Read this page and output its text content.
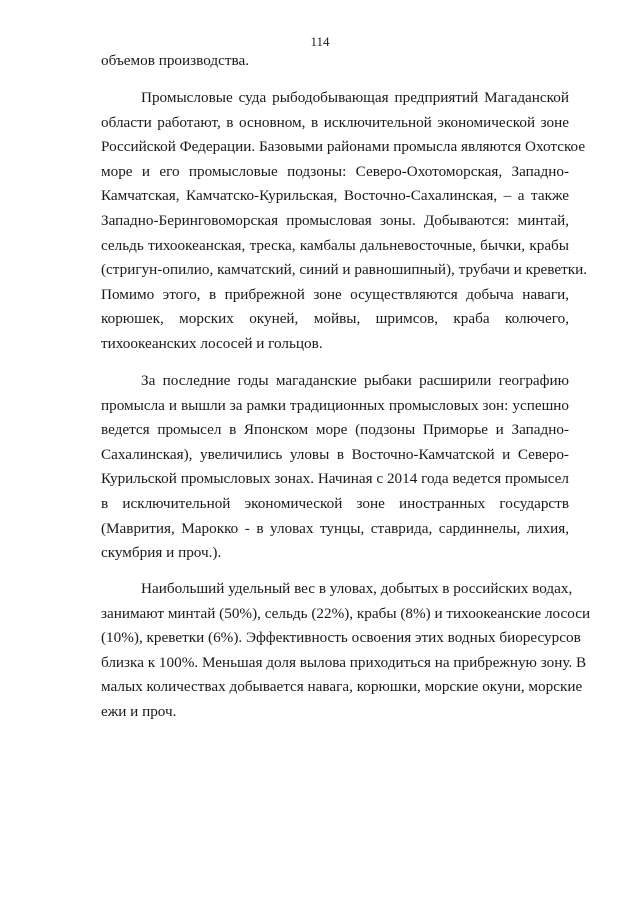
114
объемов производства.
Промысловые суда рыбодобывающая предприятий Магаданской
области работают, в основном, в исключительной экономической зоне
Российской Федерации. Базовыми районами промысла являются Охотское
море и его промысловые подзоны: Северо-Охотоморская, Западно-
Камчатская, Камчатско-Курильская, Восточно-Сахалинская, – а также
Западно-Беринговоморская промысловая зоны. Добываются: минтай,
сельдь тихоокеанская, треска, камбалы дальневосточные, бычки, крабы
(стригун-опилио, камчатский, синий и равношипный), трубачи и креветки.
Помимо этого, в прибрежной зоне осуществляются добыча наваги,
корюшек, морских окуней, мойвы, шримсов, краба колючего,
тихоокеанских лососей и гольцов.
За последние годы магаданские рыбаки расширили географию
промысла и вышли за рамки традиционных промысловых зон: успешно
ведется промысел в Японском море (подзоны Приморье и Западно-
Сахалинская), увеличились уловы в Восточно-Камчатской и Северо-
Курильской промысловых зонах. Начиная с 2014 года ведется промысел
в исключительной экономической зоне иностранных государств
(Маврития, Марокко - в уловах тунцы, ставрида, сардиннелы, лихия,
скумбрия и проч.).
Наибольший удельный вес в уловах, добытых в российских водах,
занимают минтай (50%), сельдь (22%), крабы (8%) и тихоокеанские лососи
(10%), креветки (6%). Эффективность освоения этих водных биоресурсов
близка к 100%. Меньшая доля вылова приходиться на прибрежную зону. В
малых количествах добывается навага, корюшки, морские окуни, морские
ежи и проч.
